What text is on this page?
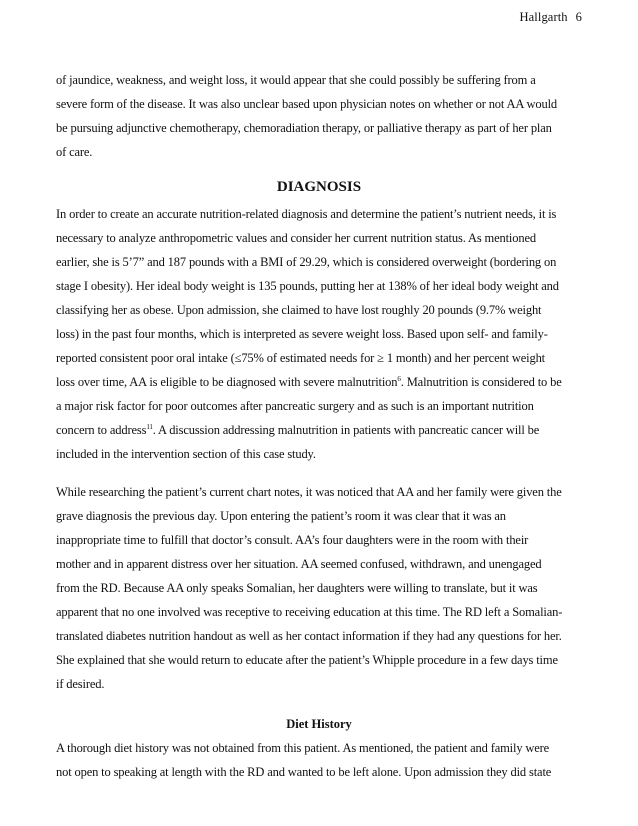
Hallgarth 6
of jaundice, weakness, and weight loss, it would appear that she could possibly be suffering from a
severe form of the disease. It was also unclear based upon physician notes on whether or not AA would
be pursuing adjunctive chemotherapy, chemoradiation therapy, or palliative therapy as part of her plan
of care.
DIAGNOSIS
In order to create an accurate nutrition-related diagnosis and determine the patient’s nutrient needs, it is
necessary to analyze anthropometric values and consider her current nutrition status. As mentioned
earlier, she is 5’7” and 187 pounds with a BMI of 29.29, which is considered overweight (bordering on
stage I obesity). Her ideal body weight is 135 pounds, putting her at 138% of her ideal body weight and
classifying her as obese. Upon admission, she claimed to have lost roughly 20 pounds (9.7% weight
loss) in the past four months, which is interpreted as severe weight loss. Based upon self- and family-
reported consistent poor oral intake (≤75% of estimated needs for ≥ 1 month) and her percent weight
loss over time, AA is eligible to be diagnosed with severe malnutrition$^6$. Malnutrition is considered to be
a major risk factor for poor outcomes after pancreatic surgery and as such is an important nutrition
concern to address$^{11}$. A discussion addressing malnutrition in patients with pancreatic cancer will be
included in the intervention section of this case study.
While researching the patient’s current chart notes, it was noticed that AA and her family were given the
grave diagnosis the previous day. Upon entering the patient’s room it was clear that it was an
inappropriate time to fulfill that doctor’s consult. AA’s four daughters were in the room with their
mother and in apparent distress over her situation. AA seemed confused, withdrawn, and unengaged
from the RD. Because AA only speaks Somalian, her daughters were willing to translate, but it was
apparent that no one involved was receptive to receiving education at this time. The RD left a Somalian-
translated diabetes nutrition handout as well as her contact information if they had any questions for her.
She explained that she would return to educate after the patient’s Whipple procedure in a few days time
if desired.
Diet History
A thorough diet history was not obtained from this patient. As mentioned, the patient and family were
not open to speaking at length with the RD and wanted to be left alone. Upon admission they did state
